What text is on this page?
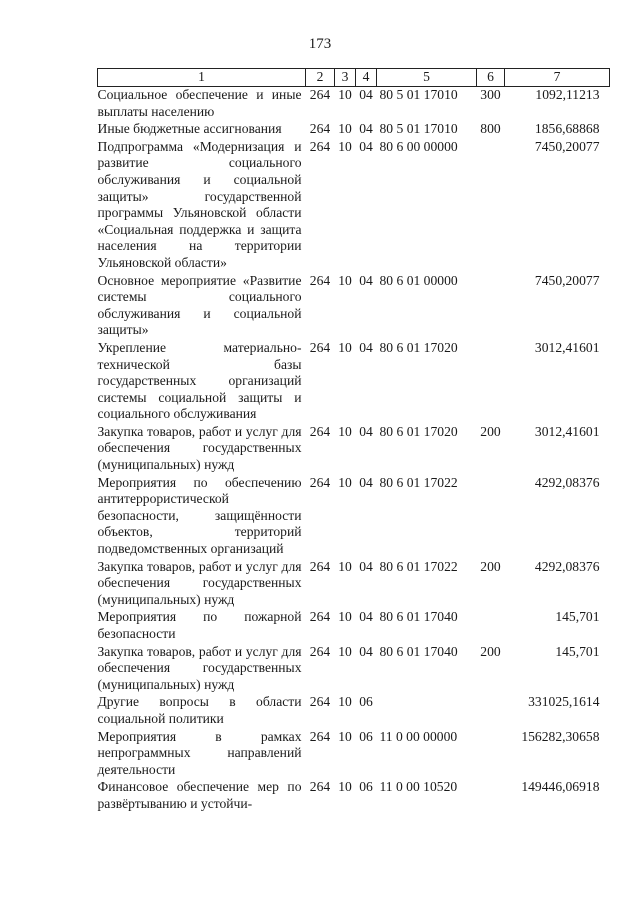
173
1	2	3	4	5	6	7
Социальное обеспечение и иные выплаты населению	264	10	04	80 5 01 17010	300	1092,11213
Иные бюджетные ассигнования	264	10	04	80 5 01 17010	800	1856,68868
Подпрограмма «Модернизация и развитие социального обслуживания и социальной защиты» государственной программы Ульяновской области «Социальная поддержка и защита населения на территории Ульяновской области»	264	10	04	80 6 00 00000		7450,20077
Основное мероприятие «Развитие системы социального обслуживания и социальной защиты»	264	10	04	80 6 01 00000		7450,20077
Укрепление материально-технической базы государственных организаций системы социальной защиты и социального обслуживания	264	10	04	80 6 01 17020		3012,41601
Закупка товаров, работ и услуг для обеспечения государственных (муниципальных) нужд	264	10	04	80 6 01 17020	200	3012,41601
Мероприятия по обеспечению антитеррористической безопасности, защищённости объектов, территорий подведомственных организаций	264	10	04	80 6 01 17022		4292,08376
Закупка товаров, работ и услуг для обеспечения государственных (муниципальных) нужд	264	10	04	80 6 01 17022	200	4292,08376
Мероприятия по пожарной безопасности	264	10	04	80 6 01 17040		145,701
Закупка товаров, работ и услуг для обеспечения государственных (муниципальных) нужд	264	10	04	80 6 01 17040	200	145,701
Другие вопросы в области социальной политики	264	10	06			331025,1614
Мероприятия в рамках непрограммных направлений деятельности	264	10	06	11 0 00 00000		156282,30658
Финансовое обеспечение мер по развёртыванию и устойчи-	264	10	06	11 0 00 10520		149446,06918
